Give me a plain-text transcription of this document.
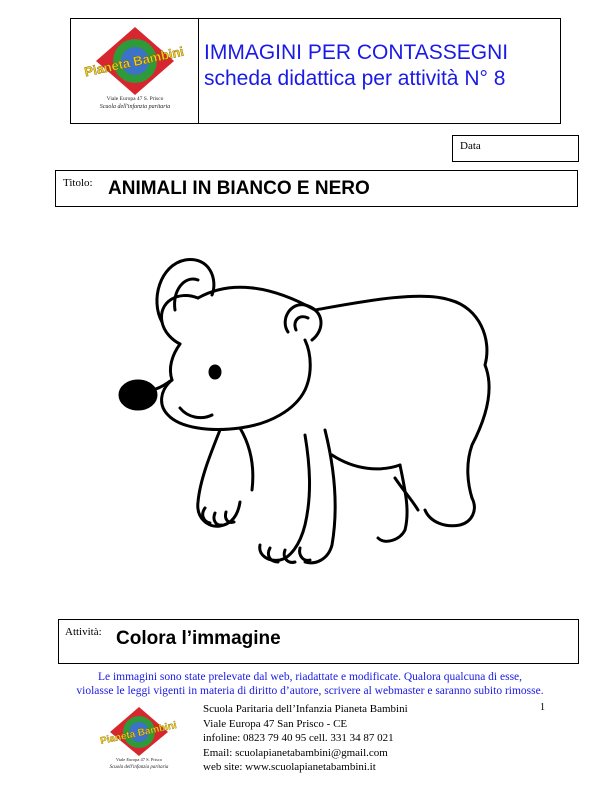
Pianeta Bambini
Viale Europa 47 S. Prisco
Scuola dell'infanzia paritaria
IMMAGINI PER CONTASSEGNI
scheda didattica per attività N° 8
Data
Titolo: ANIMALI IN BIANCO E NERO
Attività: Colora l’immagine
Le immagini sono state prelevate dal web, riadattate e modificate. Qualora qualcuna di esse,
violasse le leggi vigenti in materia di diritto d’autore, scrivere al webmaster e saranno subito rimosse.
Pianeta Bambini
Viale Europa 47 S. Prisco
Scuola dell'infanzia paritaria
Scuola Paritaria dell’Infanzia Pianeta Bambini
Viale Europa 47 San Prisco - CE
infoline: 0823 79 40 95 cell. 331 34 87 021
Email: scuolapianetabambini@gmail.com
web site: www.scuolapianetabambini.it
1
